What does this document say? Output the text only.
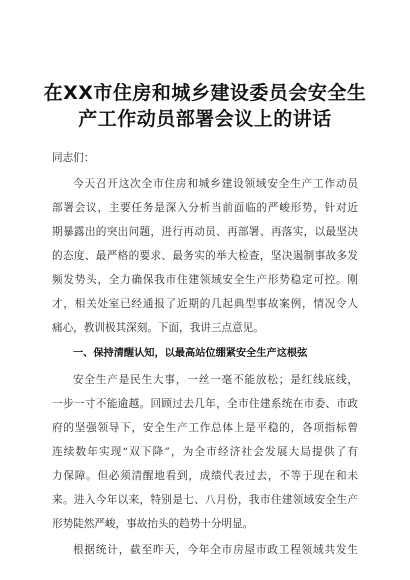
在XX市住房和城乡建设委员会安全生
产工作动员部署会议上的讲话
同志们：
今天召开这次全市住房和城乡建设领域安全生产工作动员
部署会议，主要任务是深入分析当前面临的严峻形势，针对近
期暴露出的突出问题，进行再动员、再部署、再落实，以最坚决
的态度、最严格的要求、最务实的举大检查，坚决遏制事故多发
频发势头，全力确保我市住建领域安全生产形势稳定可控。刚
才，相关处室已经通报了近期的几起典型事故案例，情况令人
痛心，教训极其深刻。下面，我讲三点意见。
一、保持清醒认知，以最高站位绷紧安全生产这根弦
安全生产是民生大事，一丝一毫不能放松；是红线底线，
一步一寸不能逾越。回顾过去几年，全市住建系统在市委、市政
府的坚强领导下，安全生产工作总体上是平稳的，各项指标曾
连续数年实现“双下降”，为全市经济社会发展大局提供了有
力保障。但必须清醒地看到，成绩代表过去，不等于现在和未
来。进入今年以来，特别是七、八月份，我市住建领域安全生产
形势陡然严峻，事故抬头的趋势十分明显。
根据统计，截至昨天，今年全市房屋市政工程领域共发生
